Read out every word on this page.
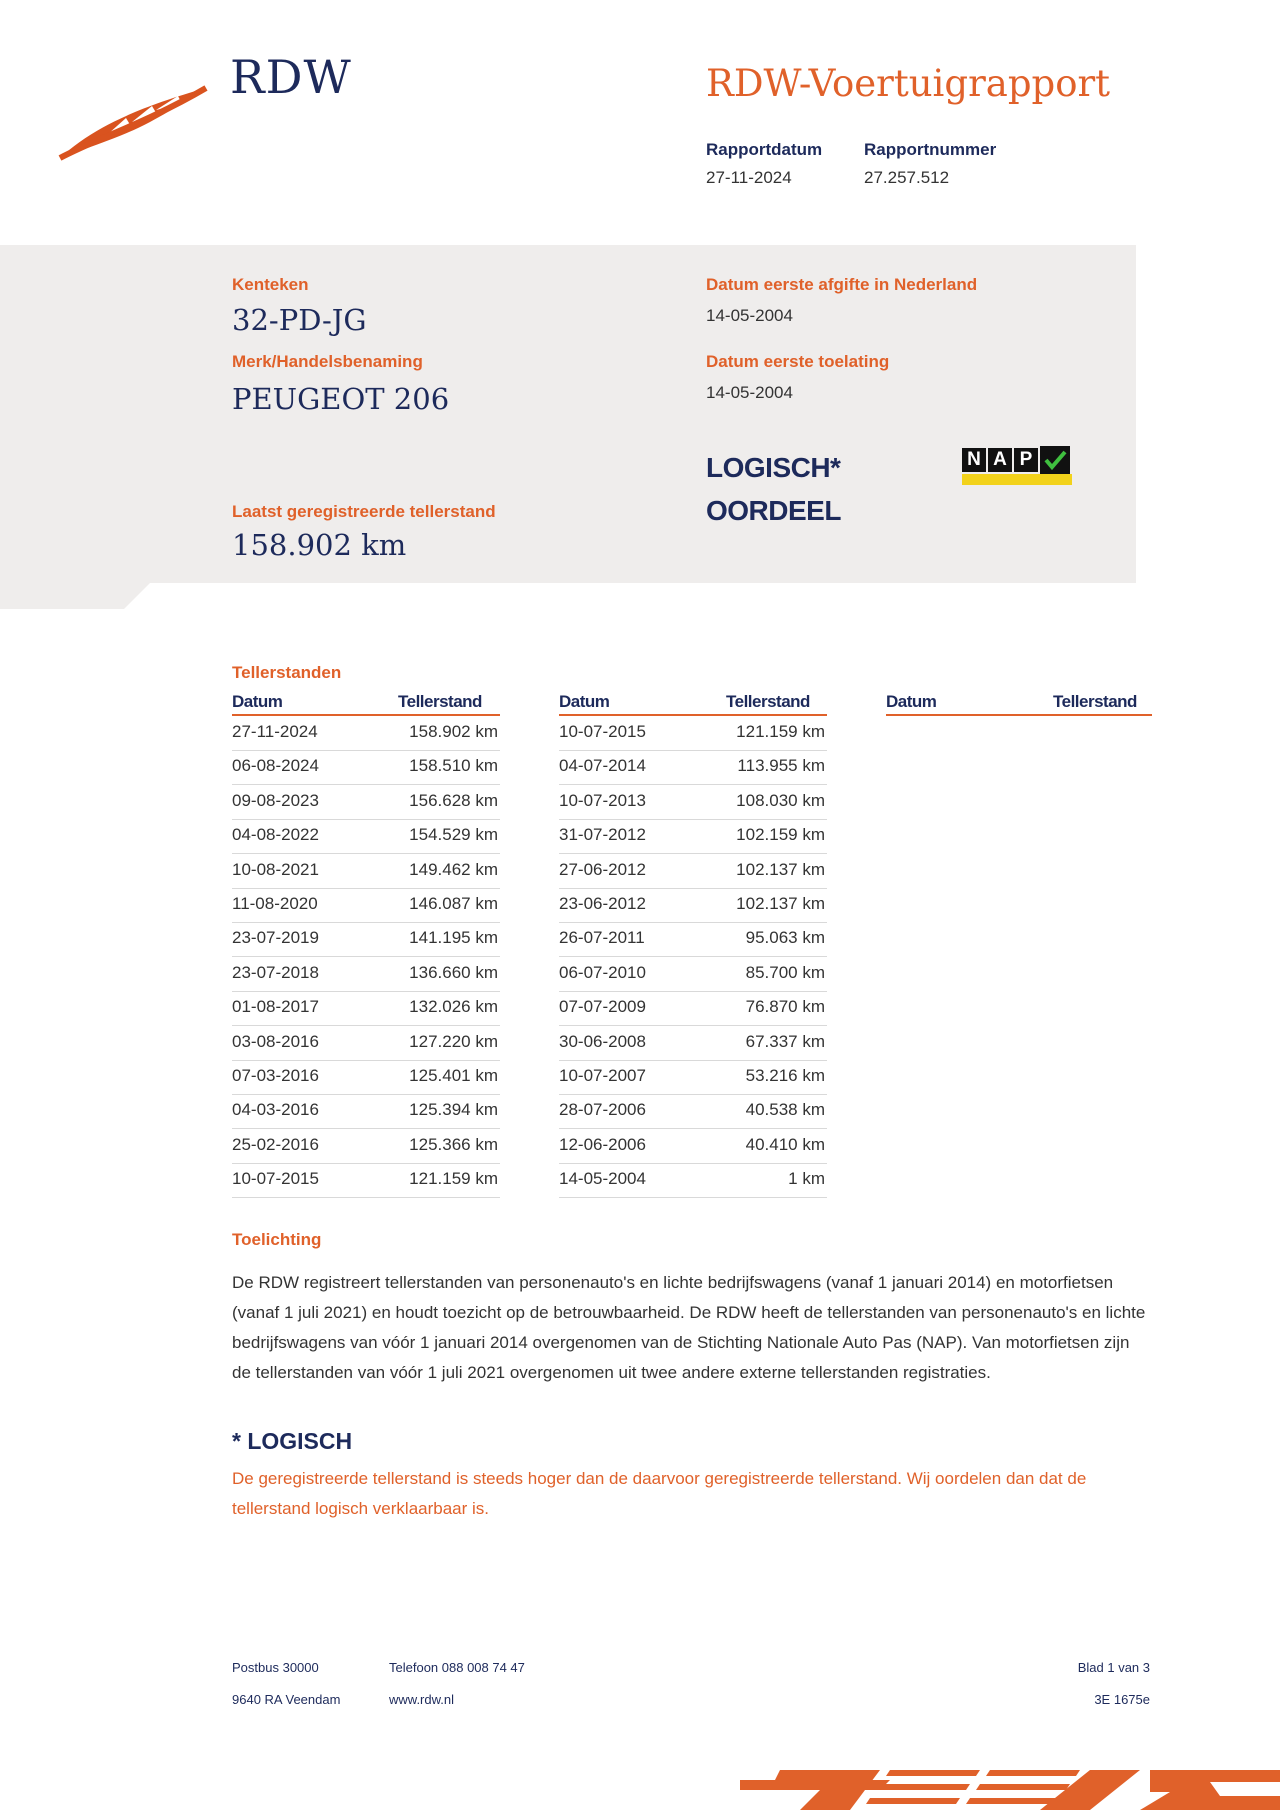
RDW	RDW-Voertuigrapport
Rapportdatum
27-11-2024
Rapportnummer
27.257.512
Kenteken
32-PD-JG
Merk/Handelsbenaming
PEUGEOT 206
Laatst geregistreerde tellerstand
158.902 km
Datum eerste afgifte in Nederland
14-05-2004
Datum eerste toelating
14-05-2004
LOGISCH*
OORDEEL
N A P
Tellerstanden
Datum	Tellerstand	Datum	Tellerstand	Datum	Tellerstand
27-11-2024	158.902 km
06-08-2024	158.510 km
09-08-2023	156.628 km
04-08-2022	154.529 km
10-08-2021	149.462 km
11-08-2020	146.087 km
23-07-2019	141.195 km
23-07-2018	136.660 km
01-08-2017	132.026 km
03-08-2016	127.220 km
07-03-2016	125.401 km
04-03-2016	125.394 km
25-02-2016	125.366 km
10-07-2015	121.159 km
10-07-2015	121.159 km
04-07-2014	113.955 km
10-07-2013	108.030 km
31-07-2012	102.159 km
27-06-2012	102.137 km
23-06-2012	102.137 km
26-07-2011	95.063 km
06-07-2010	85.700 km
07-07-2009	76.870 km
30-06-2008	67.337 km
10-07-2007	53.216 km
28-07-2006	40.538 km
12-06-2006	40.410 km
14-05-2004	1 km
Toelichting
De RDW registreert tellerstanden van personenauto's en lichte bedrijfswagens (vanaf 1 januari 2014) en motorfietsen (vanaf 1 juli 2021) en houdt toezicht op de betrouwbaarheid. De RDW heeft de tellerstanden van personenauto's en lichte bedrijfswagens van vóór 1 januari 2014 overgenomen van de Stichting Nationale Auto Pas (NAP). Van motorfietsen zijn de tellerstanden van vóór 1 juli 2021 overgenomen uit twee andere externe tellerstanden registraties.
* LOGISCH
De geregistreerde tellerstand is steeds hoger dan de daarvoor geregistreerde tellerstand. Wij oordelen dan dat de tellerstand logisch verklaarbaar is.
Postbus 30000
9640 RA Veendam
Telefoon 088 008 74 47
www.rdw.nl
Blad 1 van 3
3E 1675e
